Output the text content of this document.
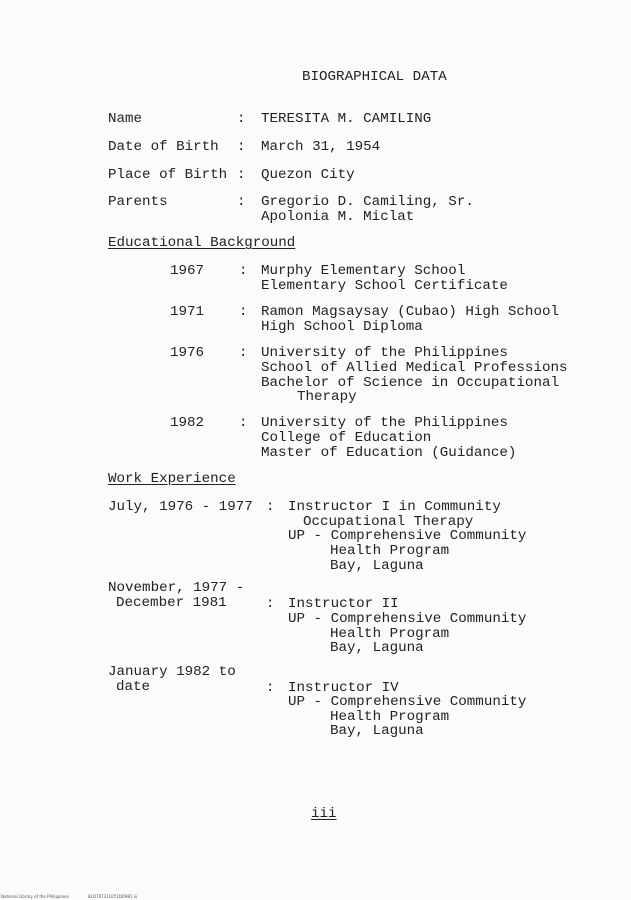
BIOGRAPHICAL DATA
Name	: TERESITA M. CAMILING
Date of Birth : March 31, 1954
Place of Birth : Quezon City
Parents	: Gregorio D. Camiling, Sr.
Apolonia M. Miclat
Educational Background
1967 : Murphy Elementary School
Elementary School Certificate
1971 : Ramon Magsaysay (Cubao) High School
High School Diploma
1976 : University of the Philippines
School of Allied Medical Professions
Bachelor of Science in Occupational
Therapy
1982 : University of the Philippines
College of Education
Master of Education (Guidance)
Work Experience
July, 1976 - 1977 : Instructor I in Community
Occupational Therapy
UP - Comprehensive Community
Health Program
Bay, Laguna
November, 1977 -
December 1981	: Instructor II
UP - Comprehensive Community
Health Program
Bay, Laguna
January 1982 to
date	: Instructor IV
UP - Comprehensive Community
Health Program
Bay, Laguna
iii
National Library of the Philippines	BLD76T3110Y1DO981 iii
